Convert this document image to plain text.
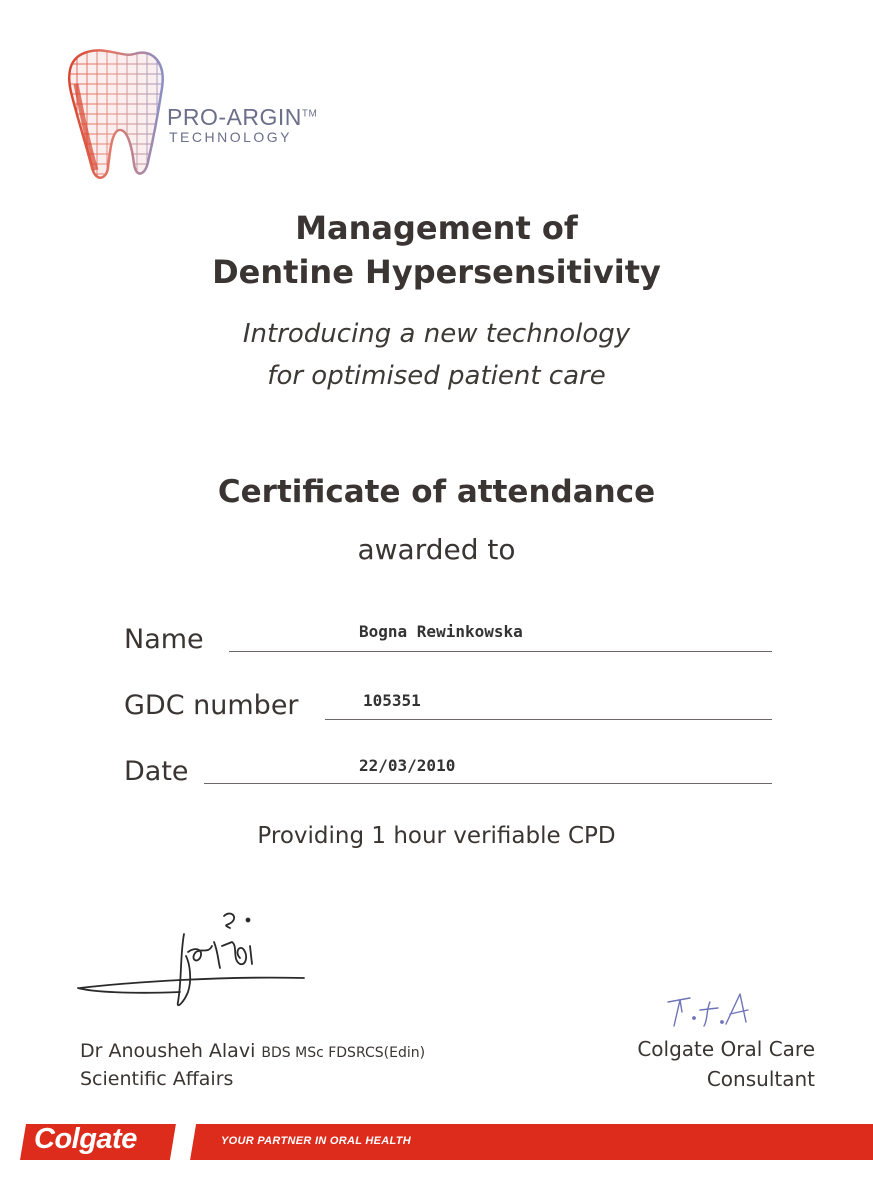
PRO-ARGIN™
TECHNOLOGY
Management of
Dentine Hypersensitivity
Introducing a new technology
for optimised patient care
Certificate of attendance
awarded to
Name	Bogna Rewinkowska
GDC number	105351
Date	22/03/2010
Providing 1 hour verifiable CPD
Dr Anousheh Alavi BDS MSc FDSRCS(Edin)
Scientific Affairs
Colgate Oral Care
Consultant
Colgate	YOUR PARTNER IN ORAL HEALTH
